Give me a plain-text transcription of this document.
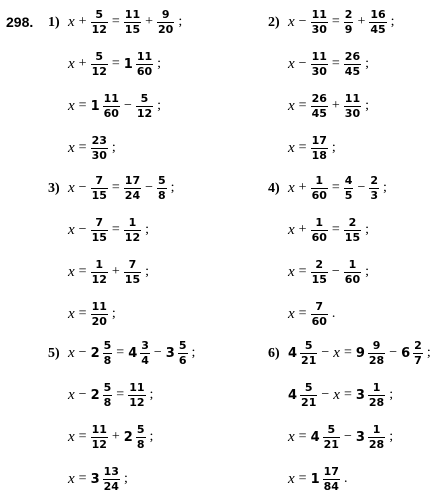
298. 1) $x + \frac{5}{12} = \frac{11}{15} + \frac{9}{20}$ ;
$x + \frac{5}{12} = 1 \frac{11}{60}$ ;
$x = 1 \frac{11}{60} - \frac{5}{12}$ ;
$x = \frac{23}{30}$ ;
2) $x - \frac{11}{30} = \frac{2}{9} + \frac{16}{45}$ ;
$x - \frac{11}{30} = \frac{26}{45}$ ;
$x = \frac{26}{45} + \frac{11}{30}$ ;
$x = \frac{17}{18}$ ;
3) $x - \frac{7}{15} = \frac{17}{24} - \frac{5}{8}$ ;
$x - \frac{7}{15} = \frac{1}{12}$ ;
$x = \frac{1}{12} + \frac{7}{15}$ ;
$x = \frac{11}{20}$ ;
4) $x + \frac{1}{60} = \frac{4}{5} - \frac{2}{3}$ ;
$x + \frac{1}{60} = \frac{2}{15}$ ;
$x = \frac{2}{15} - \frac{1}{60}$ ;
$x = \frac{7}{60}$ .
5) $x - 2 \frac{5}{8} = 4 \frac{3}{4} - 3 \frac{5}{6}$ ;
$x - 2 \frac{5}{8} = \frac{11}{12}$ ;
$x = \frac{11}{12} + 2 \frac{5}{8}$ ;
$x = 3 \frac{13}{24}$ ;
6) $4 \frac{5}{21} - x = 9 \frac{9}{28} - 6 \frac{2}{7}$ ;
$4 \frac{5}{21} - x = 3 \frac{1}{28}$ ;
$x = 4 \frac{5}{21} - 3 \frac{1}{28}$ ;
$x = 1 \frac{17}{84}$ .
